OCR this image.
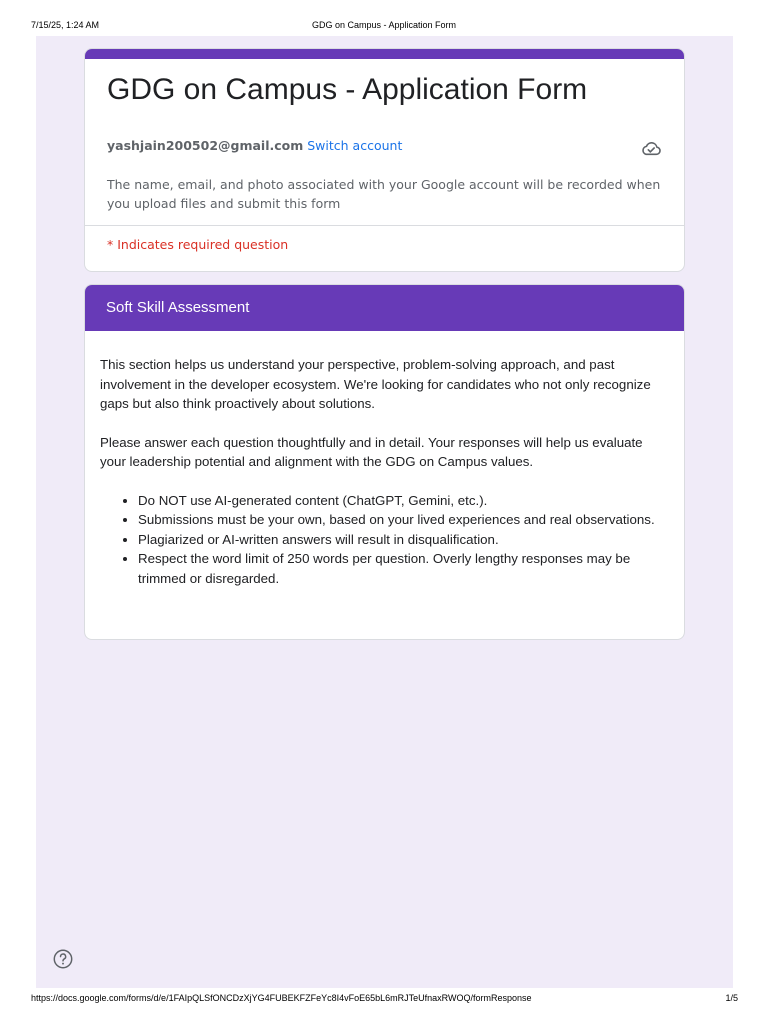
7/15/25, 1:24 AM	GDG on Campus - Application Form
GDG on Campus - Application Form
yashjain200502@gmail.com Switch account
The name, email, and photo associated with your Google account will be recorded when you upload files and submit this form
* Indicates required question
Soft Skill Assessment

This section helps us understand your perspective, problem-solving approach, and past involvement in the developer ecosystem. We're looking for candidates who not only recognize gaps but also think proactively about solutions.

Please answer each question thoughtfully and in detail. Your responses will help us evaluate your leadership potential and alignment with the GDG on Campus values.

• Do NOT use AI-generated content (ChatGPT, Gemini, etc.).
• Submissions must be your own, based on your lived experiences and real observations.
• Plagiarized or AI-written answers will result in disqualification.
• Respect the word limit of 250 words per question. Overly lengthy responses may be trimmed or disregarded.
https://docs.google.com/forms/d/e/1FAIpQLSfONCDzXjYG4FUBEKFZFeYc8I4vFoE65bL6mRJTeUfnaxRWOQ/formResponse	1/5
